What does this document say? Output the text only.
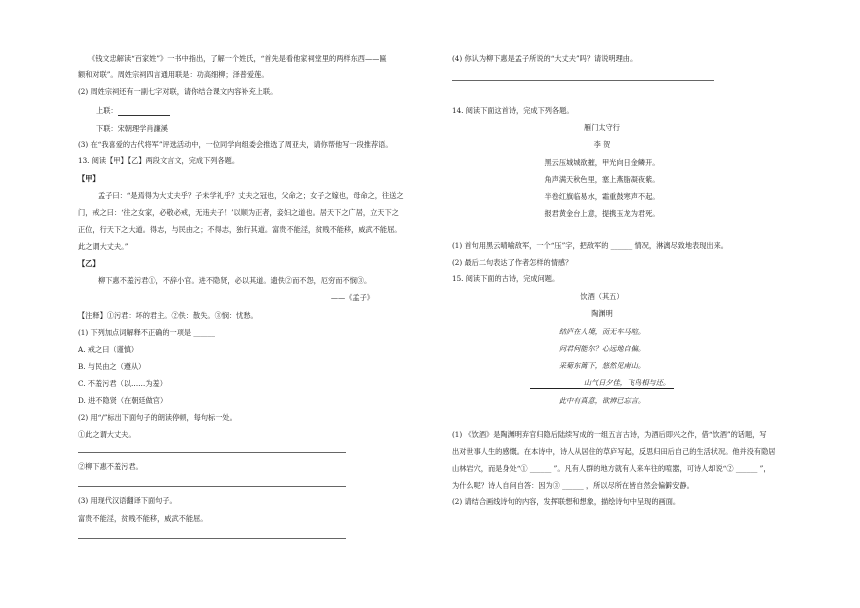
《钱文忠解读“百家姓”》一书中指出，了解一个姓氏，“首先是看他家祠堂里的两样东西——匾
额和对联”。周姓宗祠四言通用联是：功高细柳；泽普爱莲。
(2) 周姓宗祠还有一副七字对联，请你结合课文内容补充上联。
上联：
下联：宋朝理学肖濂溪
(3) 在“我喜爱的古代将军”评选活动中，一位同学向组委会推选了周亚夫，请你帮他写一段推荐语。
13. 阅读【甲】【乙】两段文言文，完成下列各题。
【甲】
孟子曰：“是焉得为大丈夫乎？子未学礼乎？丈夫之冠也，父命之；女子之嫁也，母命之，往送之
门，戒之曰：‘往之女家，必敬必戒，无违夫子！’以顺为正者，妾妇之道也。居天下之广居，立天下之
正位，行天下之大道。得志，与民由之；不得志，独行其道。富贵不能淫，贫贱不能移，威武不能屈。
此之谓大丈夫。”
【乙】
柳下惠不羞污君①，不辞小官。进不隐贤，必以其道。遗佚②而不怨，厄穷而不悯③。
——《孟子》
【注释】①污君：坏的君主。②佚：散失。③悯：忧愁。
(1) 下列加点词解释不正确的一项是 ______
A. 戒之曰（谨慎）
B. 与民由之（遵从）
C. 不羞污君（以……为羞）
D. 进不隐贤（在朝廷做官）
(2) 用“/”标出下面句子的朗读停顿，每句标一处。
①此之谓大丈夫。
②柳下惠不羞污君。
(3) 用现代汉语翻译下面句子。
富贵不能淫，贫贱不能移，威武不能屈。
(4) 你认为柳下惠是孟子所说的“大丈夫”吗？请说明理由。
14. 阅读下面这首诗，完成下列各题。
雁门太守行
李 贺
黑云压城城欲摧，甲光向日金鳞开。
角声满天秋色里，塞上燕脂凝夜紫。
半卷红旗临易水，霜重鼓寒声不起。
报君黄金台上意，提携玉龙为君死。
(1) 首句用黑云晴喻敌军，一个“压”字，把敌军的 ______ 情况，淋漓尽致地表现出来。
(2) 最后二句表达了作者怎样的情感？
15. 阅读下面的古诗，完成问题。
饮酒（其五）
陶渊明
结庐在人境，而无车马喧。
问君何能尔？心远地自偏。
采菊东篱下，悠然见南山。
山气日夕佳，飞鸟相与还。
此中有真意，欲辨已忘言。
(1) 《饮酒》是陶渊明弃官归隐后陆续写成的一组五言古诗，为酒后即兴之作，借“饮酒”的话题，写
出对世事人生的感慨。在本诗中，诗人从居住的草庐写起，反思归田后自己的生活状况。他并没有隐居
山林岩穴，而是身处“① ______ ”。凡有人群的地方就有人来车往的喧嚣，可诗人却说“② ______ ”，
为什么呢？诗人自问自答：因为③ ______ ，所以尽所在皆自然会偏僻安静。
(2) 请结合画线诗句的内容，发挥联想和想象，描绘诗句中呈现的画面。
